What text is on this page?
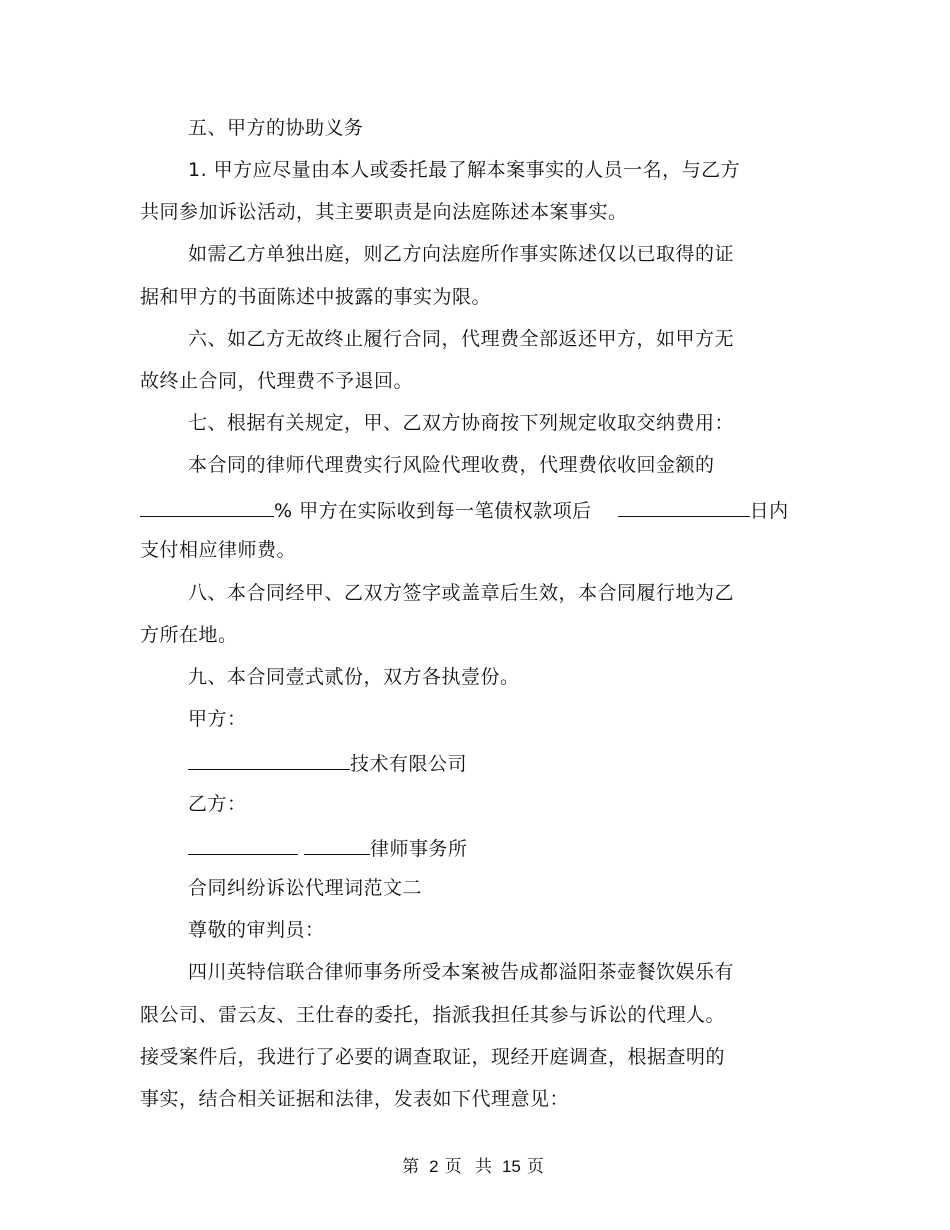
五、甲方的协助义务
1. 甲方应尽量由本人或委托最了解本案事实的人员一名，与乙方
共同参加诉讼活动，其主要职责是向法庭陈述本案事实。
如需乙方单独出庭，则乙方向法庭所作事实陈述仅以已取得的证
据和甲方的书面陈述中披露的事实为限。
六、如乙方无故终止履行合同，代理费全部返还甲方，如甲方无
故终止合同，代理费不予退回。
七、根据有关规定，甲、乙双方协商按下列规定收取交纳费用：
本合同的律师代理费实行风险代理收费，代理费依收回金额的
% 甲方在实际收到每一笔债权款项后	日内
支付相应律师费。
八、本合同经甲、乙双方签字或盖章后生效，本合同履行地为乙
方所在地。
九、本合同壹式贰份，双方各执壹份。
甲方：
技术有限公司
乙方：
律师事务所
合同纠纷诉讼代理词范文二
尊敬的审判员：
四川英特信联合律师事务所受本案被告成都溢阳茶壶餐饮娱乐有
限公司、雷云友、王仕春的委托，指派我担任其参与诉讼的代理人。
接受案件后，我进行了必要的调查取证，现经开庭调查，根据查明的
事实，结合相关证据和法律，发表如下代理意见：
第 2 页 共 15 页
